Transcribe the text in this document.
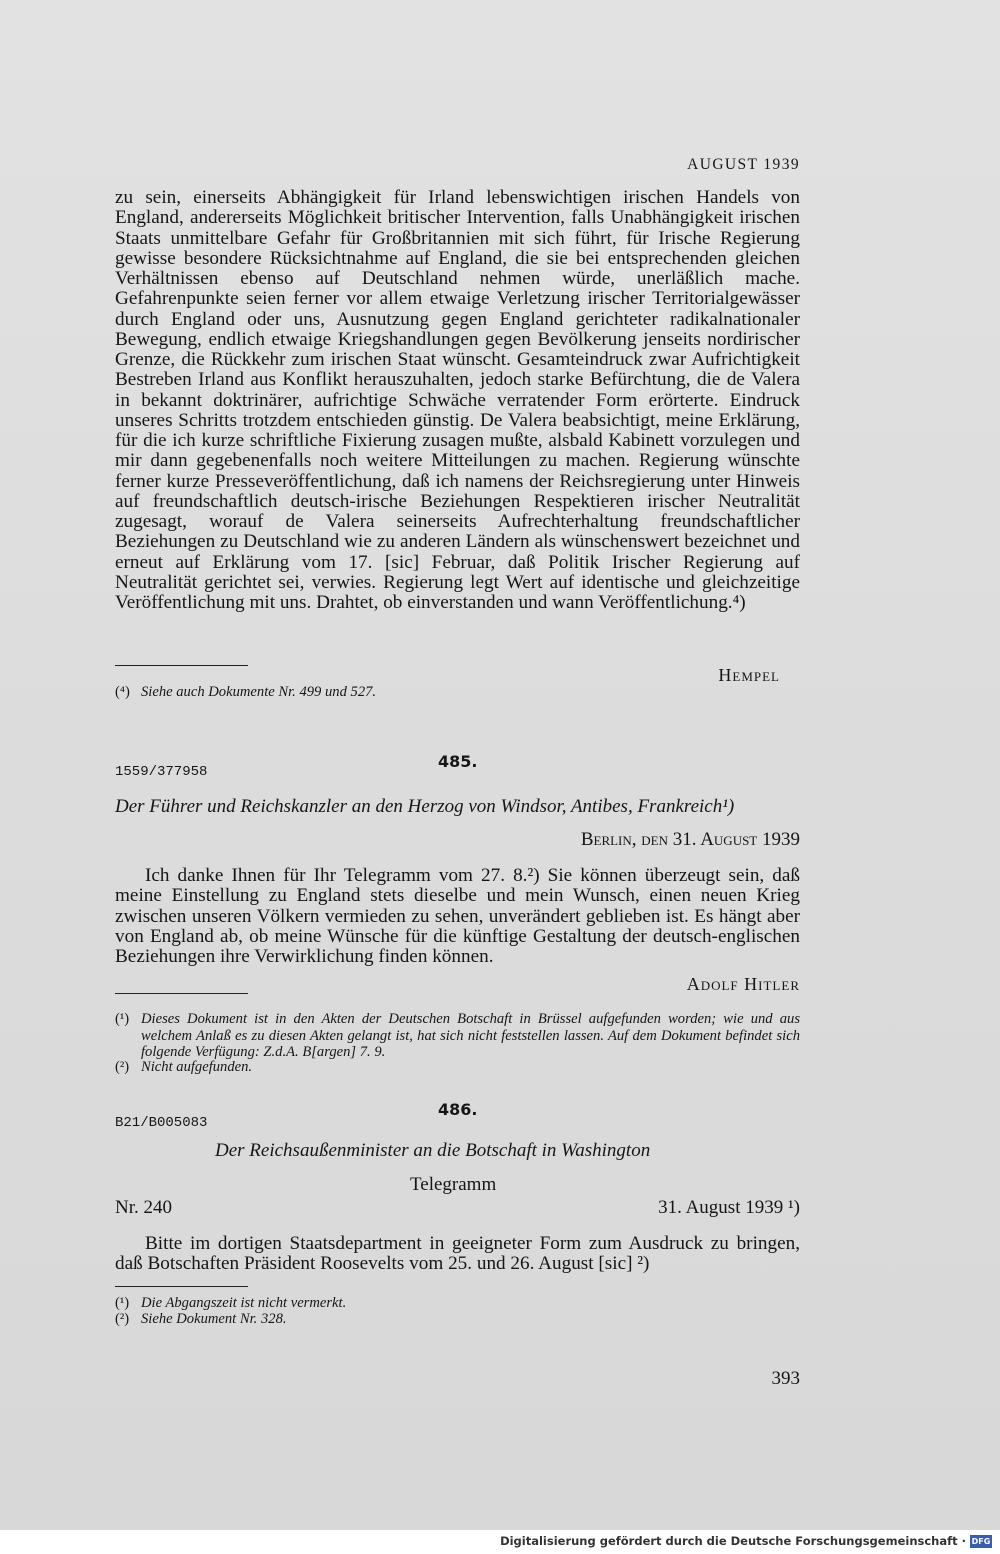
AUGUST 1939

zu sein, einerseits Abhängigkeit für Irland lebenswichtigen irischen Handels von England, andererseits Möglichkeit britischer Intervention, falls Unabhängigkeit irischen Staats unmittelbare Gefahr für Großbritannien mit sich führt, für Irische Regierung gewisse besondere Rücksichtnahme auf England, die sie bei entsprechenden gleichen Verhältnissen ebenso auf Deutschland nehmen würde, unerläßlich mache. Gefahrenpunkte seien ferner vor allem etwaige Verletzung irischer Territorialgewässer durch England oder uns, Ausnutzung gegen England gerichteter radikalnationaler Bewegung, endlich etwaige Kriegshandlungen gegen Bevölkerung jenseits nordirischer Grenze, die Rückkehr zum irischen Staat wünscht. Gesamteindruck zwar Aufrichtigkeit Bestreben Irland aus Konflikt herauszuhalten, jedoch starke Befürchtung, die de Valera in bekannt doktrinärer, aufrichtige Schwäche verratender Form erörterte. Eindruck unseres Schritts trotzdem entschieden günstig. De Valera beabsichtigt, meine Erklärung, für die ich kurze schriftliche Fixierung zusagen mußte, alsbald Kabinett vorzulegen und mir dann gegebenenfalls noch weitere Mitteilungen zu machen. Regierung wünschte ferner kurze Presseveröffentlichung, daß ich namens der Reichsregierung unter Hinweis auf freundschaftlich deutsch-irische Beziehungen Respektieren irischer Neutralität zugesagt, worauf de Valera seinerseits Aufrechterhaltung freundschaftlicher Beziehungen zu Deutschland wie zu anderen Ländern als wünschenswert bezeichnet und erneut auf Erklärung vom 17. [sic] Februar, daß Politik Irischer Regierung auf Neutralität gerichtet sei, verwies. Regierung legt Wert auf identische und gleichzeitige Veröffentlichung mit uns. Drahtet, ob einverstanden und wann Veröffentlichung.⁴)

Hempel
(⁴) Siehe auch Dokumente Nr. 499 und 527.
485.
1559/377958
Der Führer und Reichskanzler an den Herzog von Windsor, Antibes, Frankreich¹)
Berlin, den 31. August 1939

Ich danke Ihnen für Ihr Telegramm vom 27. 8.²) Sie können überzeugt sein, daß meine Einstellung zu England stets dieselbe und mein Wunsch, einen neuen Krieg zwischen unseren Völkern vermieden zu sehen, unverändert geblieben ist. Es hängt aber von England ab, ob meine Wünsche für die künftige Gestaltung der deutsch-englischen Beziehungen ihre Verwirklichung finden können.

Adolf Hitler
(¹) Dieses Dokument ist in den Akten der Deutschen Botschaft in Brüssel aufgefunden worden; wie und aus welchem Anlaß es zu diesen Akten gelangt ist, hat sich nicht feststellen lassen. Auf dem Dokument befindet sich folgende Verfügung: Z.d.A. B[argen] 7. 9.
(²) Nicht aufgefunden.
486.
B21/B005083
Der Reichsaußenminister an die Botschaft in Washington
Telegramm
Nr. 240	31. August 1939 ¹)

Bitte im dortigen Staatsdepartment in geeigneter Form zum Ausdruck zu bringen, daß Botschaften Präsident Roosevelts vom 25. und 26. August [sic] ²)

(¹) Die Abgangszeit ist nicht vermerkt.
(²) Siehe Dokument Nr. 328.
393
Digitalisierung gefördert durch die Deutsche Forschungsgemeinschaft · DFG
